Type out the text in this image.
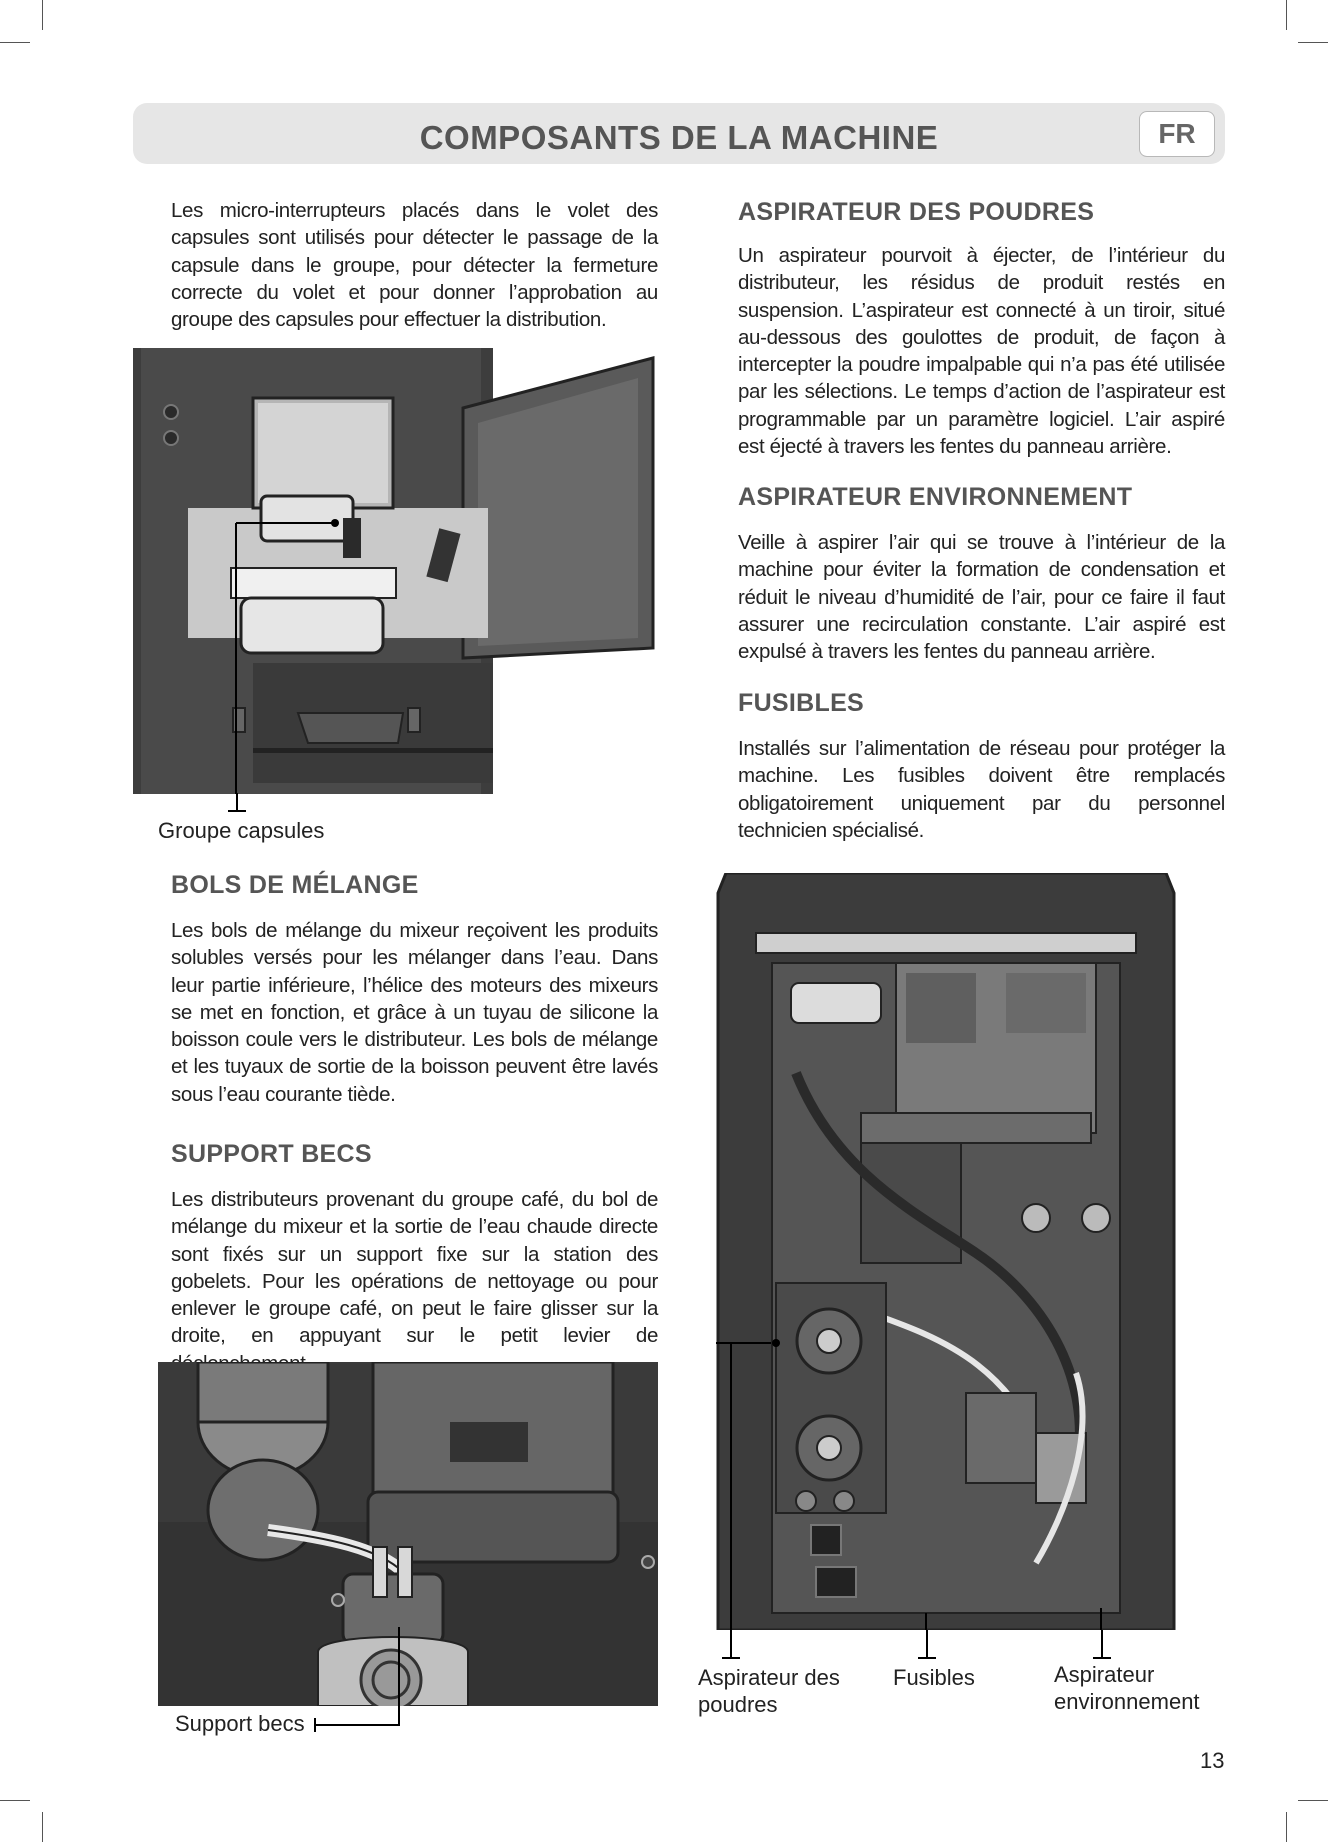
COMPOSANTS DE LA MACHINE	FR

Les micro-interrupteurs placés dans le volet des capsules sont utilisés pour détecter le passage de la capsule dans le groupe, pour détecter la fermeture correcte du volet et pour donner l’approbation au groupe des capsules pour effectuer la distribution.

Groupe capsules
BOLS DE MÉLANGE

Les bols de mélange du mixeur reçoivent les produits solubles versés pour les mélanger dans l’eau. Dans leur partie inférieure, l’hélice des moteurs des mixeurs se met en fonction, et grâce à un tuyau de silicone la boisson coule vers le distributeur. Les bols de mélange et les tuyaux de sortie de la boisson peuvent être lavés sous l’eau courante tiède.

SUPPORT BECS

Les distributeurs provenant du groupe café, du bol de mélange du mixeur et la sortie de l’eau chaude directe sont fixés sur un support fixe sur la station des gobelets. Pour les opérations de nettoyage ou pour enlever le groupe café, on peut le faire glisser sur la droite, en appuyant sur le petit levier de

Support becs
ASPIRATEUR DES POUDRES

Un aspirateur pourvoit à éjecter, de l’intérieur du distributeur, les résidus de produit restés en suspension. L’aspirateur est connecté à un tiroir, situé au-dessous des goulottes de produit, de façon à intercepter la poudre impalpable qui n’a pas été utilisée par les sélections. Le temps d’action de l’aspirateur est programmable par un paramètre logiciel. L’air aspiré est éjecté à travers les fentes du panneau arrière.

ASPIRATEUR ENVIRONNEMENT

Veille à aspirer l’air qui se trouve à l’intérieur de la machine pour éviter la formation de condensation et réduit le niveau d’humidité de l’air, pour ce faire il faut assurer une recirculation constante. L’air aspiré est expulsé à travers les fentes du panneau arrière.

FUSIBLES

Installés sur l’alimentation de réseau pour protéger la machine. Les fusibles doivent être remplacés obligatoirement uniquement par du personnel technicien spécialisé.

Aspirateur des poudres
Fusibles	Aspirateur environnement
13
